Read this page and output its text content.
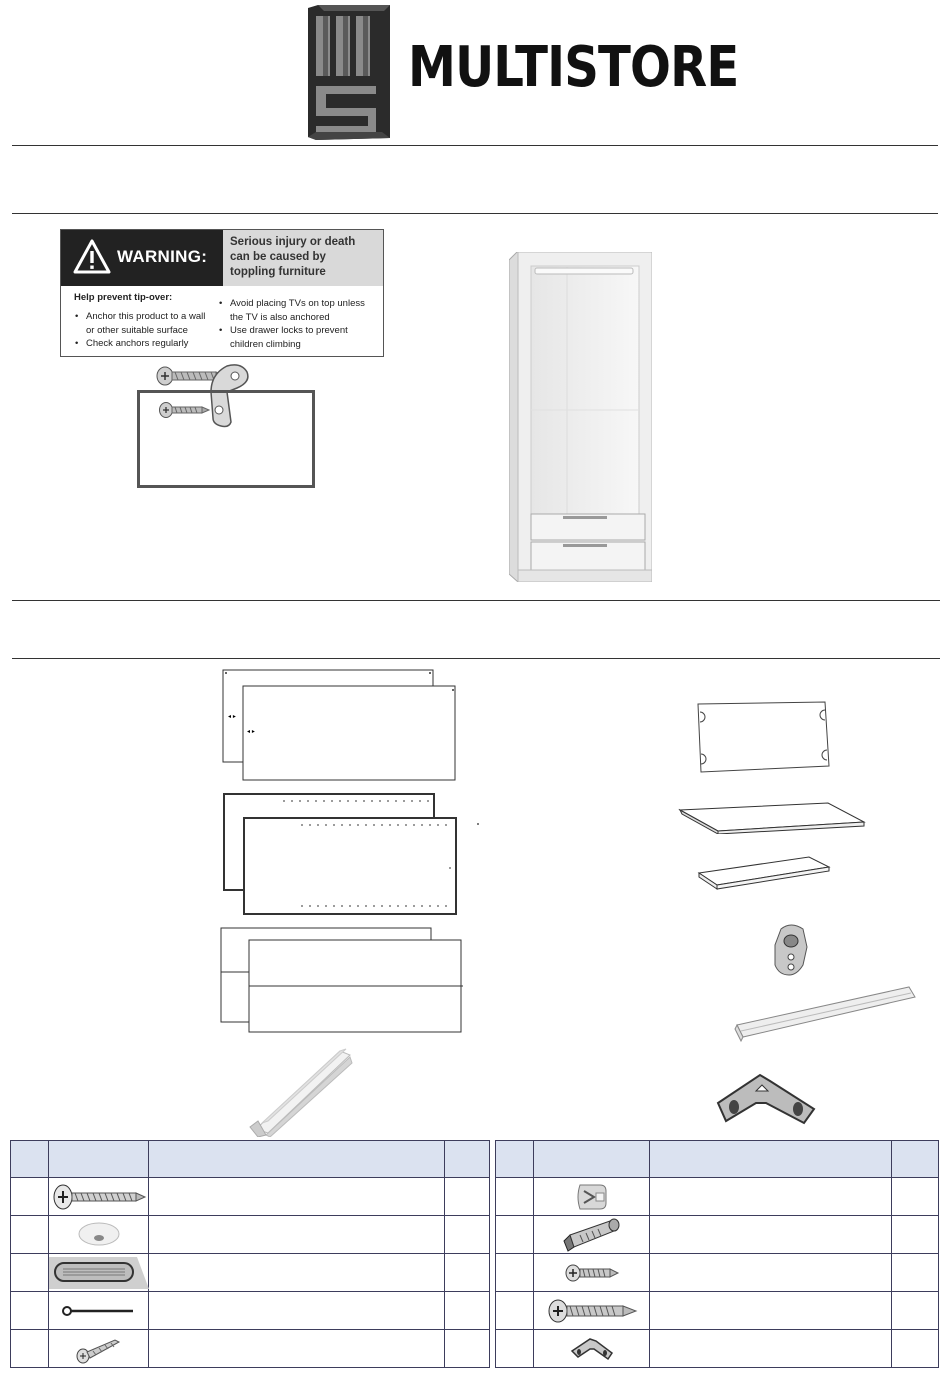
MULTISTORE
WARNING:
Serious injury or death
can be caused by
toppling furniture
Help prevent tip-over:
• Anchor this product to a wall
or other suitable surface
• Check anchors regularly
• Avoid placing TVs on top unless
the TV is also anchored
• Use drawer locks to prevent
children climbing
◂ ▸
◂ ▸
